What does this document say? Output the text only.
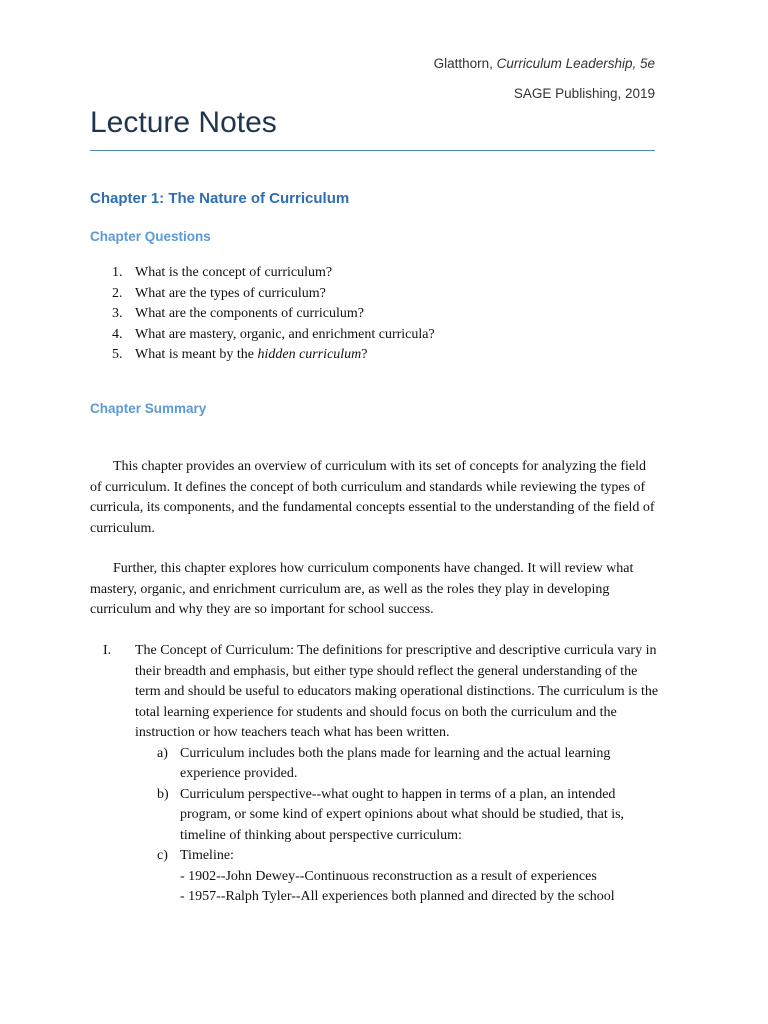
Glatthorn, Curriculum Leadership, 5e
SAGE Publishing, 2019
Lecture Notes
Chapter 1: The Nature of Curriculum
Chapter Questions
1. What is the concept of curriculum?
2. What are the types of curriculum?
3. What are the components of curriculum?
4. What are mastery, organic, and enrichment curricula?
5. What is meant by the hidden curriculum?
Chapter Summary

This chapter provides an overview of curriculum with its set of concepts for analyzing the field of curriculum. It defines the concept of both curriculum and standards while reviewing the types of curricula, its components, and the fundamental concepts essential to the understanding of the field of curriculum.

Further, this chapter explores how curriculum components have changed. It will review what mastery, organic, and enrichment curriculum are, as well as the roles they play in developing curriculum and why they are so important for school success.

I. The Concept of Curriculum: The definitions for prescriptive and descriptive curricula vary in their breadth and emphasis, but either type should reflect the general understanding of the term and should be useful to educators making operational distinctions. The curriculum is the total learning experience for students and should focus on both the curriculum and the instruction or how teachers teach what has been written.
a) Curriculum includes both the plans made for learning and the actual learning experience provided.
b) Curriculum perspective--what ought to happen in terms of a plan, an intended program, or some kind of expert opinions about what should be studied, that is, timeline of thinking about perspective curriculum:
c) Timeline:
- 1902--John Dewey--Continuous reconstruction as a result of experiences
- 1957--Ralph Tyler--All experiences both planned and directed by the school
